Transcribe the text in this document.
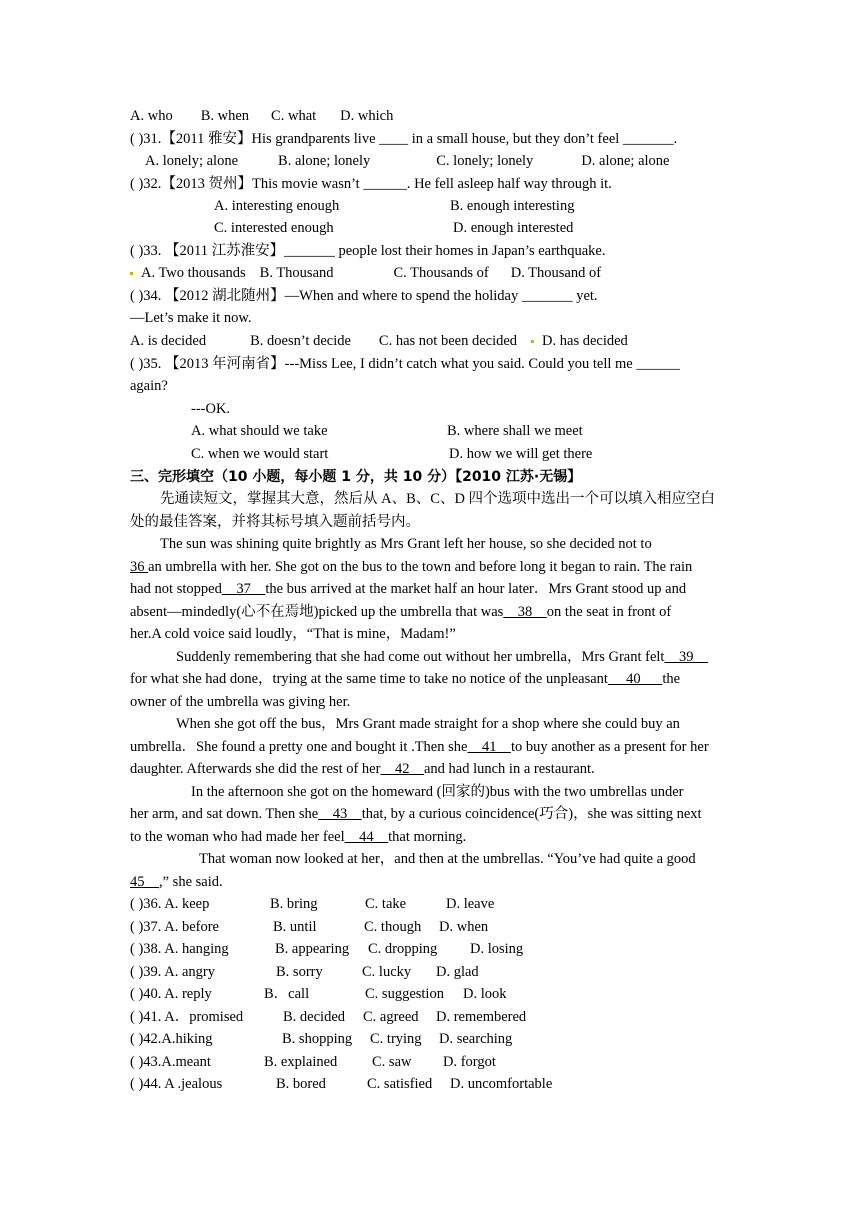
A. who B. when C. what D. which
( )31.【2011 雅安】His grandparents live ____ in a small house, but they don’t feel _______.
A. lonely; alone	B. alone; lonely	C. lonely; lonely	D. alone; alone
( )32.【2013 贺州】This movie wasn’t ______. He fell asleep half way through it.
A. interesting enough	B. enough interesting
C. interested enough	D. enough interested
( )33. 【2011 江苏淮安】_______ people lost their homes in Japan’s earthquake.
A. Two thousands B. Thousand	C. Thousands of D. Thousand of
( )34. 【2012 湖北随州】—When and where to spend the holiday _______ yet.
—Let’s make it now.
A. is decided	B. doesn’t decide C. has not been decided D. has decided
( )35. 【2013 年河南省】---Miss Lee, I didn’t catch what you said. Could you tell me ______
again?
---OK.
A. what should we take	B. where shall we meet
C. when we would start	D. how we will get there
三、完形填空（10 小题，每小题 1 分，共 10 分）【2010 江苏·无锡】
先通读短文，掌握其大意，然后从 A、B、C、D 四个选项中选出一个可以填入相应空白
处的最佳答案，并将其标号填入题前括号内。
The sun was shining quite brightly as Mrs Grant left her house, so she decided not to
36 an umbrella with her. She got on the bus to the town and before long it began to rain. The rain
had not stopped    37    the bus arrived at the market half an hour later．Mrs Grant stood up and
absent—mindedly(心不在焉地)picked up the umbrella that was    38    on the seat in front of
her.A cold voice said loudly，“That is mine，Madam!”
Suddenly remembering that she had come out without her umbrella，Mrs Grant felt    39
for what she had done，trying at the same time to take no notice of the unpleasant     40      the
owner of the umbrella was giving her.
When she got off the bus，Mrs Grant made straight for a shop where she could buy an
umbrella．She found a pretty one and bought it .Then she    41    to buy another as a present for her
daughter. Afterwards she did the rest of her    42    and had lunch in a restaurant.
In the afternoon she got on the homeward (回家的)bus with the two umbrellas under
her arm, and sat down. Then she    43    that, by a curious coincidence(巧合)，she was sitting next
to the woman who had made her feel    44    that morning.
That woman now looked at her，and then at the umbrellas. “You’ve had quite a good
45    ,” she said.
( )36. A. keep	B. bring	C. take	D. leave
( )37. A. before	B. until	C. though D. when
( )38. A. hanging	B. appearing C. dropping D. losing
( )39. A. angry	B. sorry	C. lucky D. glad
( )40. A. reply	B．call	C. suggestion D. look
( )41. A．promised	B. decided C. agreed D. remembered
( )42.A.hiking	B. shopping C. trying D. searching
( )43.A.meant	B. explained C. saw D. forgot
( )44. A .jealous	B. bored	C. satisfied D. uncomfortable
